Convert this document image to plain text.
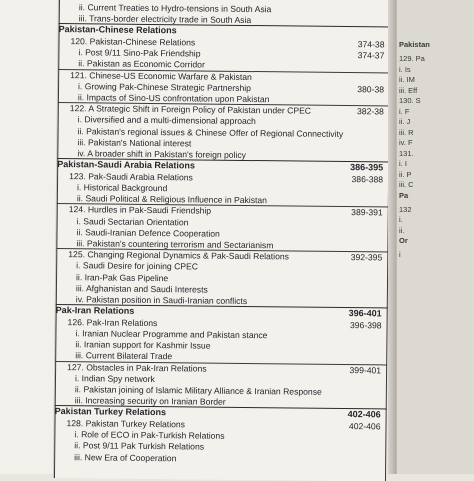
ii. Current Treaties to Hydro-tensions in South Asia
iii. Trans-border electricity trade in South Asia
Pakistan-Chinese Relations
120. Pakistan-Chinese Relations	374-38
i. Post 9/11 Sino-Pak Friendship	374-37
ii. Pakistan as Economic Corridor
121. Chinese-US Economic Warfare & Pakistan
i. Growing Pak-Chinese Strategic Partnership	380-38
ii. Impacts of Sino-US confrontation upon Pakistan
122. A Strategic Shift in Foreign Policy of Pakistan under CPEC	382-38
i. Diversified and a multi-dimensional approach
ii. Pakistan's regional issues & Chinese Offer of Regional Connectivity
iii. Pakistan's National interest
iv. A broader shift in Pakistan's foreign policy
Pakistan-Saudi Arabia Relations	386-395
123. Pak-Saudi Arabia Relations	386-388
i. Historical Background
ii. Saudi Political & Religious Influence in Pakistan
124. Hurdles in Pak-Saudi Friendship	389-391
i. Saudi Sectarian Orientation
ii. Saudi-Iranian Defence Cooperation
iii. Pakistan's countering terrorism and Sectarianism
125. Changing Regional Dynamics & Pak-Saudi Relations	392-395
i. Saudi Desire for joining CPEC
ii. Iran-Pak Gas Pipeline
iii. Afghanistan and Saudi Interests
iv. Pakistan position in Saudi-Iranian conflicts
Pak-Iran Relations	396-401
126. Pak-Iran Relations	396-398
i. Iranian Nuclear Programme and Pakistan stance
ii. Iranian support for Kashmir Issue
iii. Current Bilateral Trade
127. Obstacles in Pak-Iran Relations	399-401
i. Indian Spy network
ii. Pakistan joining of Islamic Military Alliance & Iranian Response
iii. Increasing security on Iranian Border
Pakistan Turkey Relations	402-406
128. Pakistan Turkey Relations	402-406
i. Role of ECO in Pak-Turkish Relations
ii. Post 9/11 Pak Turkish Relations
iii. New Era of Cooperation
Pakistan
129. Pa
i. Is
ii. IM
iii. Eff
130. S
i. F
ii. J
iii. R
iv. F
131.
i. I
ii. P
iii. C
Pa
132
i.
ii.
Or
i
